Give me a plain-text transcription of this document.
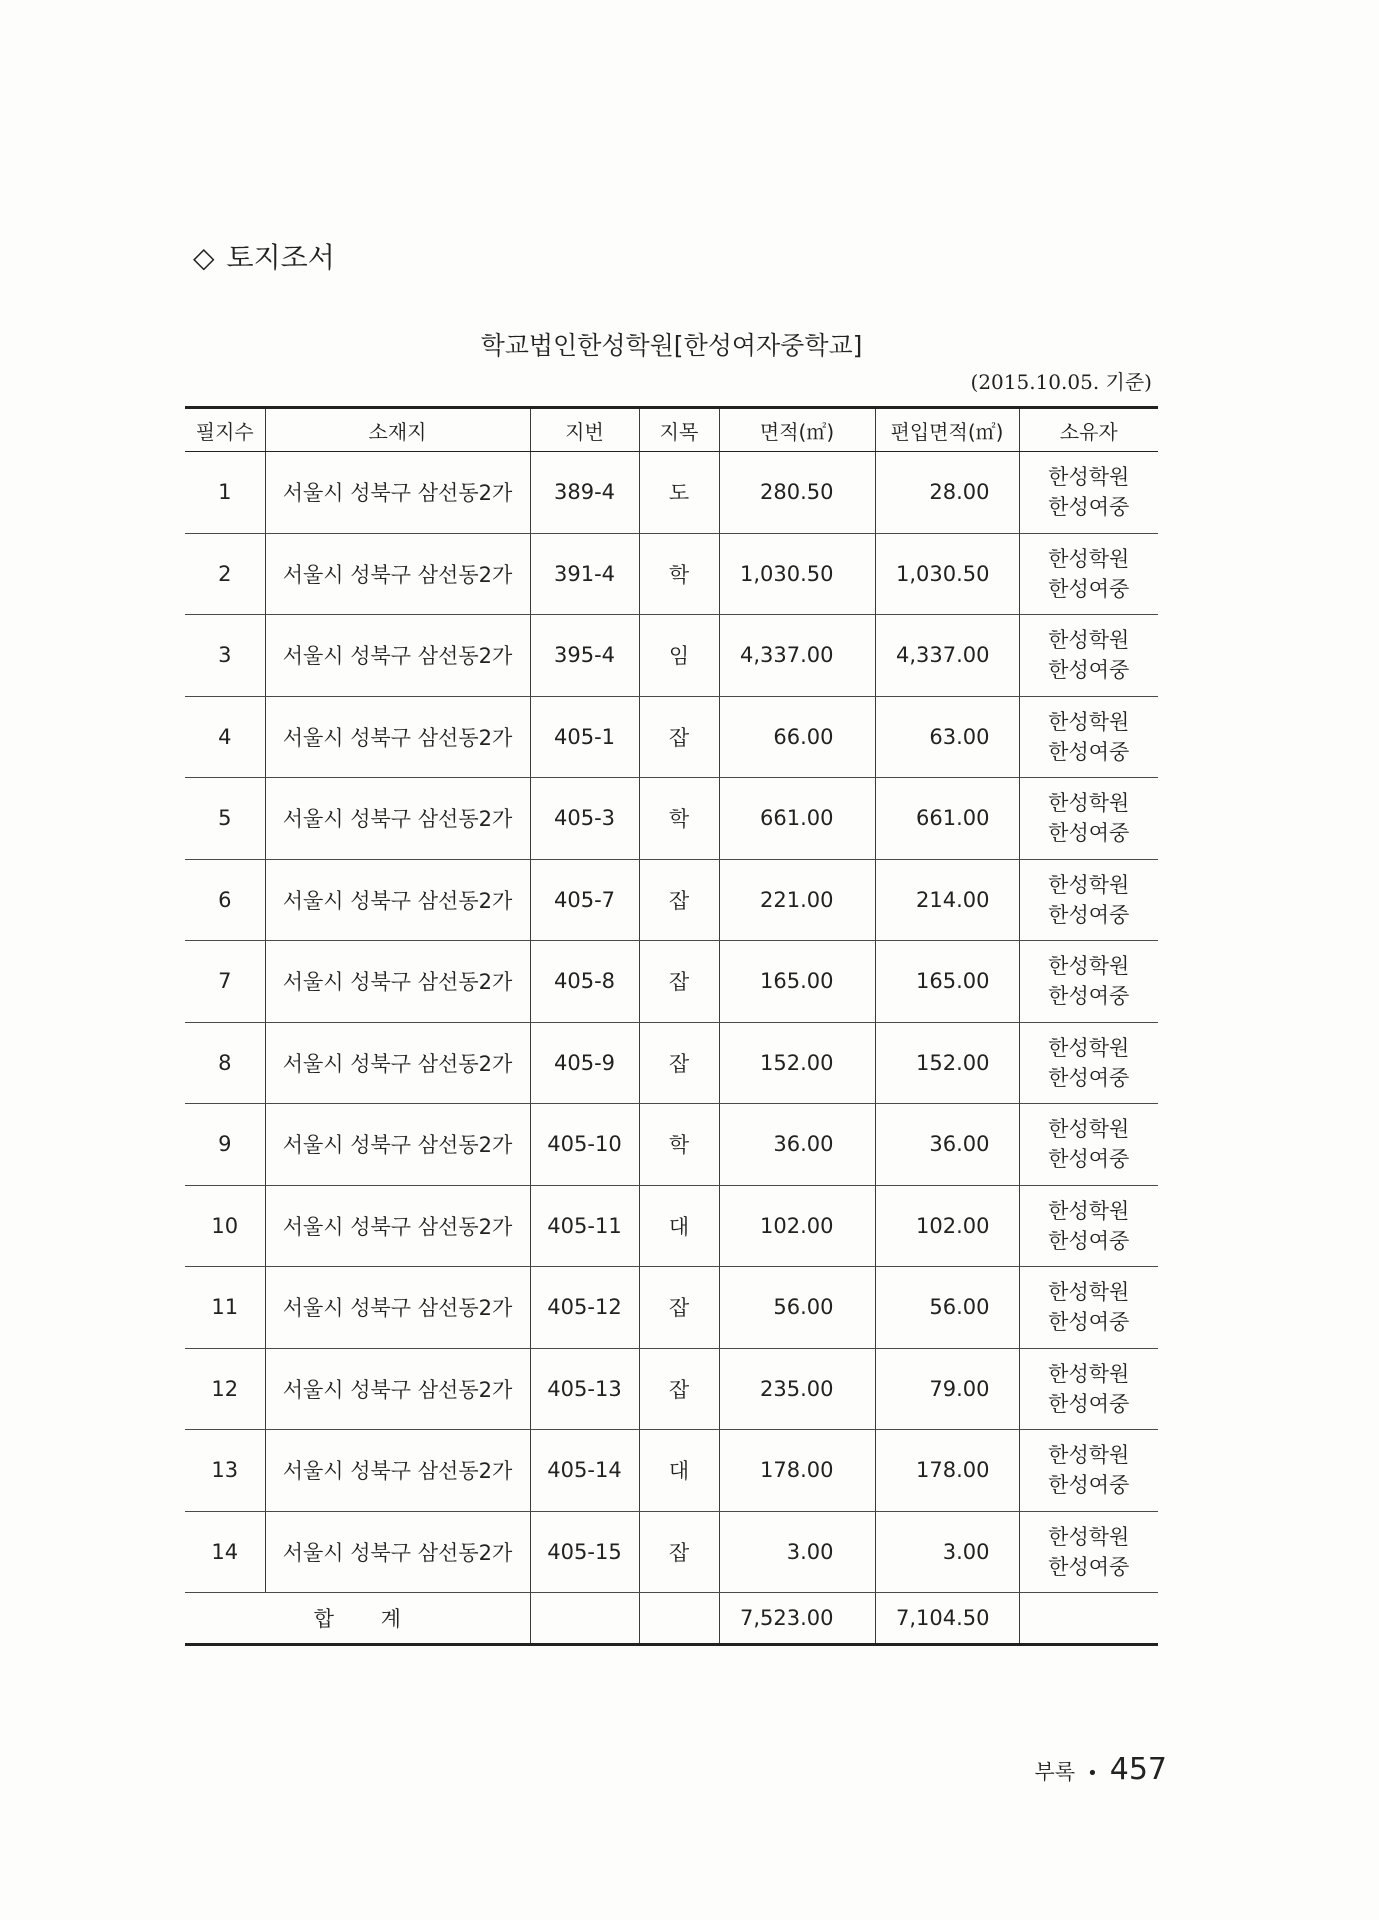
◇ 토지조서
학교법인한성학원[한성여자중학교]
(2015.10.05. 기준)
필지수	소재지	지번	지목	면적(㎡)	편입면적(㎡)	소유자
1	서울시 성북구 삼선동2가	389-4	도	280.50	28.00	한성학원
한성여중

2	서울시 성북구 삼선동2가	391-4	학	1,030.50	1,030.50	한성학원
한성여중

3	서울시 성북구 삼선동2가	395-4	임	4,337.00	4,337.00	한성학원
한성여중

4	서울시 성북구 삼선동2가	405-1	잡	66.00	63.00	한성학원
한성여중

5	서울시 성북구 삼선동2가	405-3	학	661.00	661.00	한성학원
한성여중

6	서울시 성북구 삼선동2가	405-7	잡	221.00	214.00	한성학원
한성여중

7	서울시 성북구 삼선동2가	405-8	잡	165.00	165.00	한성학원
한성여중

8	서울시 성북구 삼선동2가	405-9	잡	152.00	152.00	한성학원
한성여중

9	서울시 성북구 삼선동2가	405-10	학	36.00	36.00	한성학원
한성여중

10	서울시 성북구 삼선동2가	405-11	대	102.00	102.00	한성학원
한성여중

11	서울시 성북구 삼선동2가	405-12	잡	56.00	56.00	한성학원
한성여중

12	서울시 성북구 삼선동2가	405-13	잡	235.00	79.00	한성학원
한성여중

13	서울시 성북구 삼선동2가	405-14	대	178.00	178.00	한성학원
한성여중

14	서울시 성북구 삼선동2가	405-15	잡	3.00	3.00	한성학원
한성여중

합 계				7,523.00	7,104.50	
부록 • 457
